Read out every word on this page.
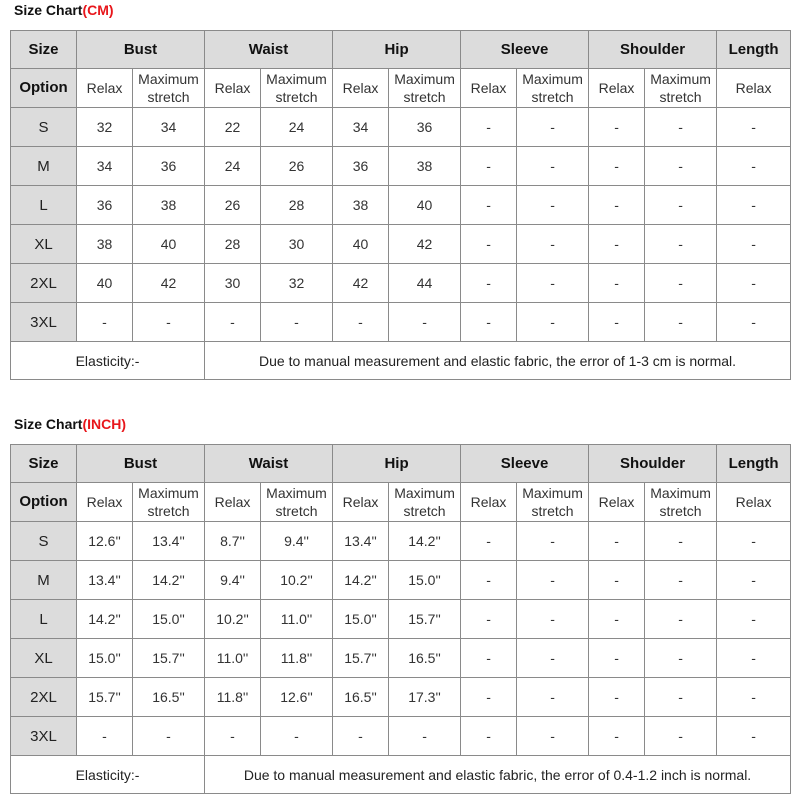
Size Chart(CM)
Size	Bust		Waist		Hip		Sleeve		Shoulder		Length
Option	Relax	Maximum stretch	Relax	Maximum stretch	Relax	Maximum stretch	Relax	Maximum stretch	Relax	Maximum stretch	Relax
S	32	34	22	24	34	36	-	-	-	-	-
M	34	36	24	26	36	38	-	-	-	-	-
L	36	38	26	28	38	40	-	-	-	-	-
XL	38	40	28	30	40	42	-	-	-	-	-
2XL	40	42	30	32	42	44	-	-	-	-	-
3XL	-	-	-	-	-	-	-	-	-	-	-
Elasticity:-			Due to manual measurement and elastic fabric, the error of 1-3 cm is normal.								
Size Chart(INCH)
Size	Bust		Waist		Hip		Sleeve		Shoulder		Length
Option	Relax	Maximum stretch	Relax	Maximum stretch	Relax	Maximum stretch	Relax	Maximum stretch	Relax	Maximum stretch	Relax
S	12.6''	13.4''	8.7''	9.4''	13.4''	14.2''	-	-	-	-	-
M	13.4''	14.2''	9.4''	10.2''	14.2''	15.0''	-	-	-	-	-
L	14.2''	15.0''	10.2''	11.0''	15.0''	15.7''	-	-	-	-	-
XL	15.0''	15.7''	11.0''	11.8''	15.7''	16.5''	-	-	-	-	-
2XL	15.7''	16.5''	11.8''	12.6''	16.5''	17.3''	-	-	-	-	-
3XL	-	-	-	-	-	-	-	-	-	-	-
Elasticity:-			Due to manual measurement and elastic fabric, the error of 0.4-1.2 inch is normal.								
